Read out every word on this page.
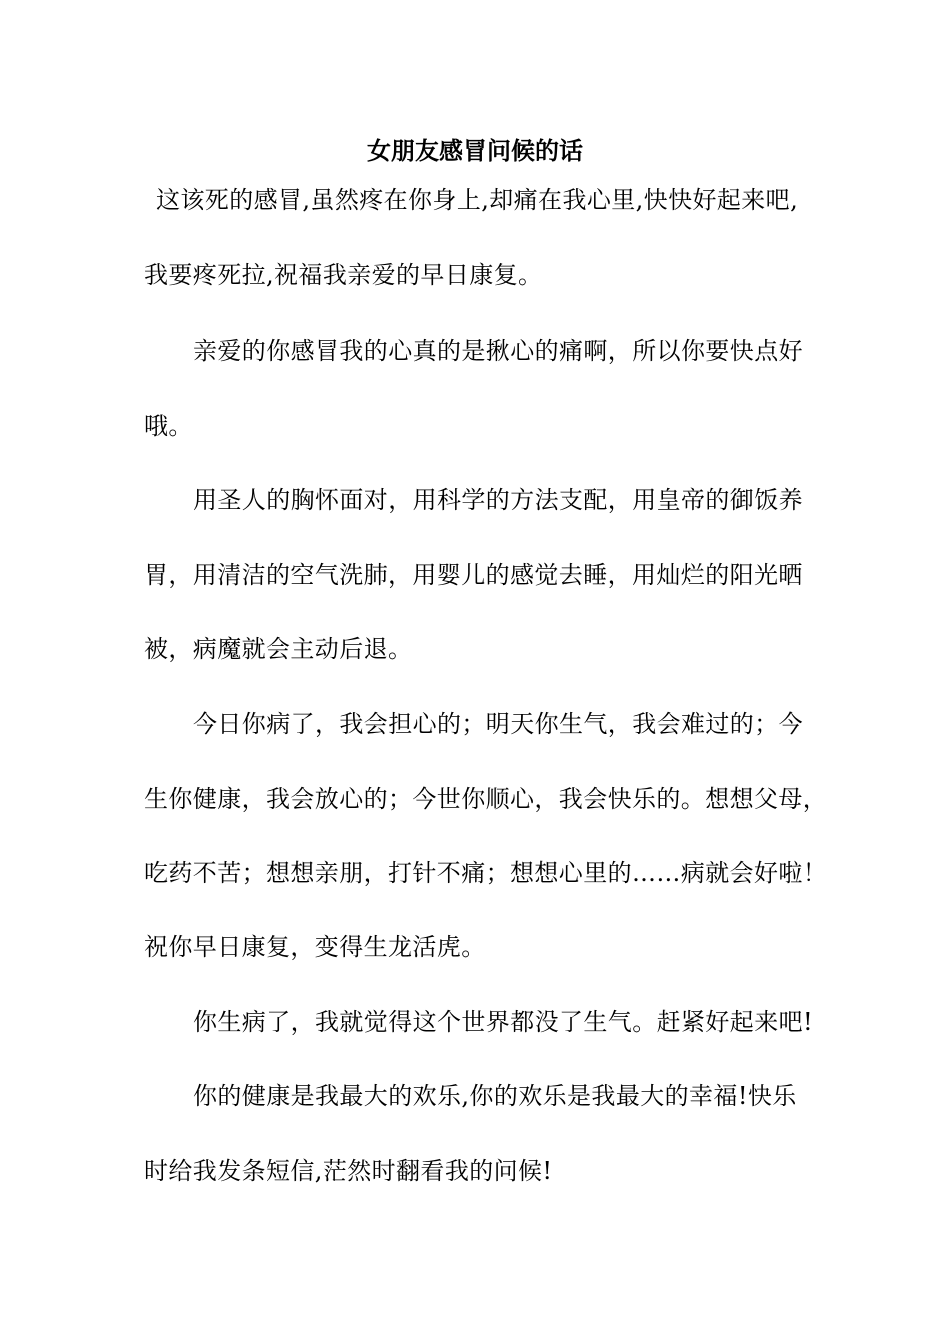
女朋友感冒问候的话
这该死的感冒,虽然疼在你身上,却痛在我心里,快快好起来吧,
我要疼死拉,祝福我亲爱的早日康复。
亲爱的你感冒我的心真的是揪心的痛啊，所以你要快点好
哦。
用圣人的胸怀面对，用科学的方法支配，用皇帝的御饭养
胃，用清洁的空气洗肺，用婴儿的感觉去睡，用灿烂的阳光晒
被，病魔就会主动后退。
今日你病了，我会担心的；明天你生气，我会难过的；今
生你健康，我会放心的；今世你顺心，我会快乐的。想想父母，
吃药不苦；想想亲朋，打针不痛；想想心里的……病就会好啦！
祝你早日康复，变得生龙活虎。
你生病了，我就觉得这个世界都没了生气。赶紧好起来吧!
你的健康是我最大的欢乐,你的欢乐是我最大的幸福!快乐
时给我发条短信,茫然时翻看我的问候!
